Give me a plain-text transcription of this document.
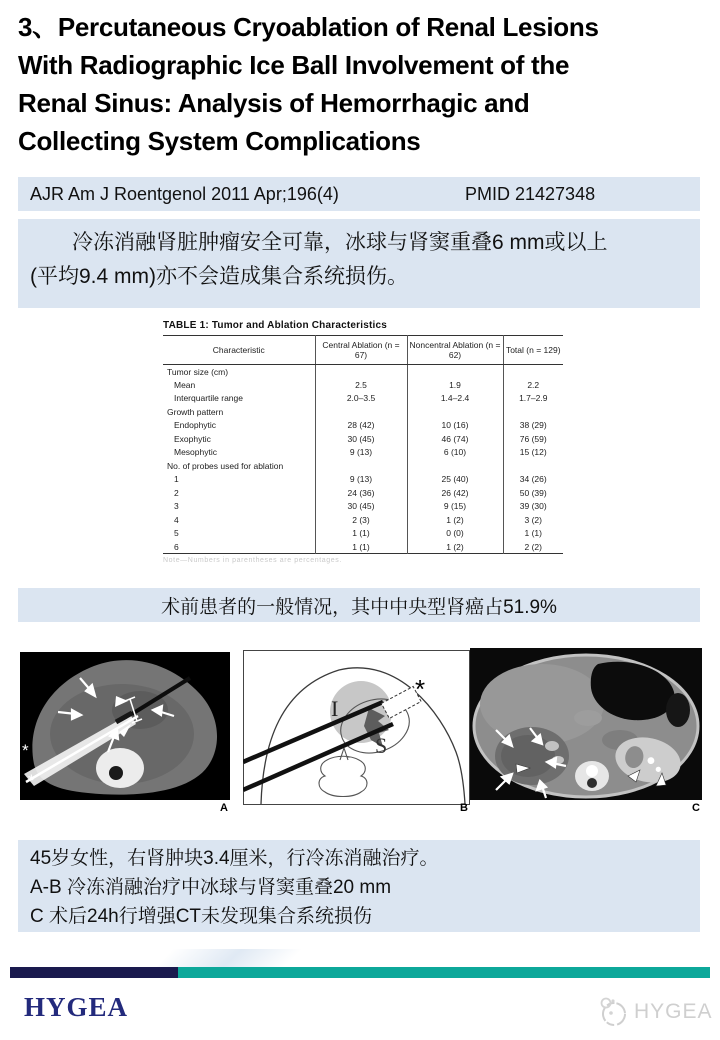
3、Percutaneous Cryoablation of Renal Lesions
With Radiographic Ice Ball Involvement of the
Renal Sinus: Analysis of Hemorrhagic and
Collecting System Complications
AJR Am J Roentgenol 2011 Apr;196(4)	PMID 21427348
冷冻消融肾脏肿瘤安全可靠，冰球与肾窦重叠6 mm或以上
(平均9.4 mm)亦不会造成集合系统损伤。
TABLE 1: Tumor and Ablation Characteristics
Characteristic	Central Ablation (n = 67)	Noncentral Ablation (n = 62)	Total (n = 129)
Tumor size (cm)			
Mean	2.5	1.9	2.2
Interquartile range	2.0–3.5	1.4–2.4	1.7–2.9
Growth pattern			
Endophytic	28 (42)	10 (16)	38 (29)
Exophytic	30 (45)	46 (74)	76 (59)
Mesophytic	9 (13)	6 (10)	15 (12)
No. of probes used for ablation			
1	9 (13)	25 (40)	34 (26)
2	24 (36)	26 (42)	50 (39)
3	30 (45)	9 (15)	39 (30)
4	2 (3)	1 (2)	3 (2)
5	1 (1)	0 (0)	1 (1)
6	1 (1)	1 (2)	2 (2)
Note—Numbers in parentheses are percentages.
术前患者的一般情况，其中中央型肾癌占51.9%
*
*
A
I
S
*
B	C
45岁女性，右肾肿块3.4厘米，行冷冻消融治疗。
A-B 冷冻消融治疗中冰球与肾窦重叠20 mm
C 术后24h行增强CT未发现集合系统损伤
HYGEA	HYGEA
